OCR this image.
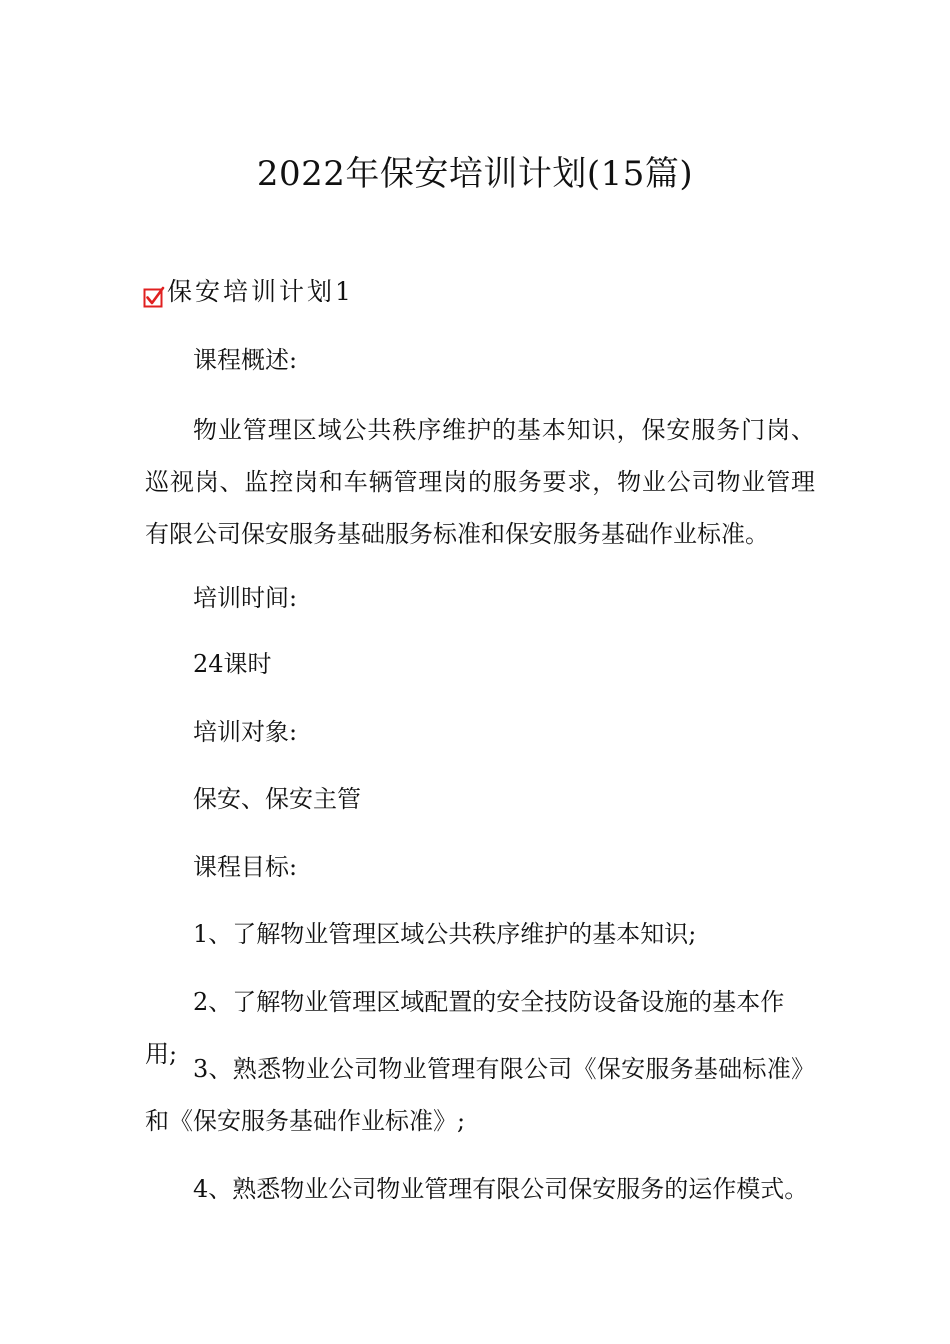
2022年保安培训计划(15篇)
保安培训计划1

课程概述:

物业管理区域公共秩序维护的基本知识，保安服务门岗、巡视岗、监控岗和车辆管理岗的服务要求，物业公司物业管理有限公司保安服务基础服务标准和保安服务基础作业标准。

培训时间:

24课时

培训对象:

保安、保安主管

课程目标:

1、了解物业管理区域公共秩序维护的基本知识;

2、了解物业管理区域配置的安全技防设备设施的基本作用;

3、熟悉物业公司物业管理有限公司《保安服务基础标准》和《保安服务基础作业标准》;

4、熟悉物业公司物业管理有限公司保安服务的运作模式。
